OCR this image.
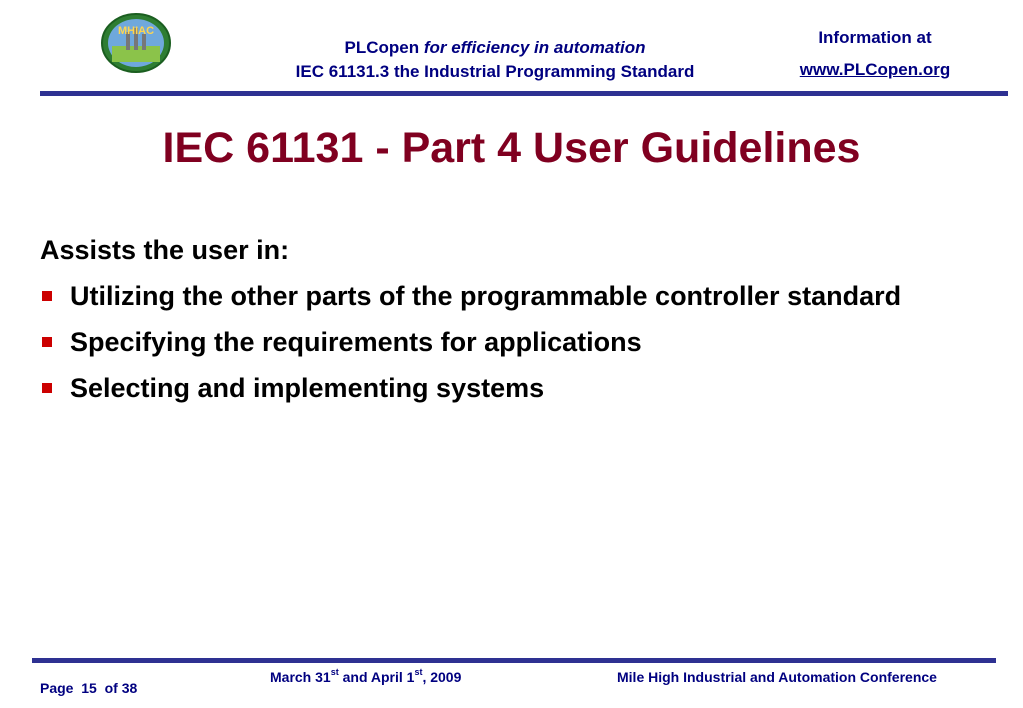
MHIAC
PLCopen for efficiency in automation
IEC 61131.3 the Industrial Programming Standard
Information at
www.PLCopen.org
IEC 61131 - Part 4 User Guidelines
Assists the user in:
Utilizing the other parts of the programmable controller standard
Specifying the requirements for applications
Selecting and implementing systems
March 31st and April 1st, 2009	Mile High Industrial and Automation Conference
Page 15 of 38
